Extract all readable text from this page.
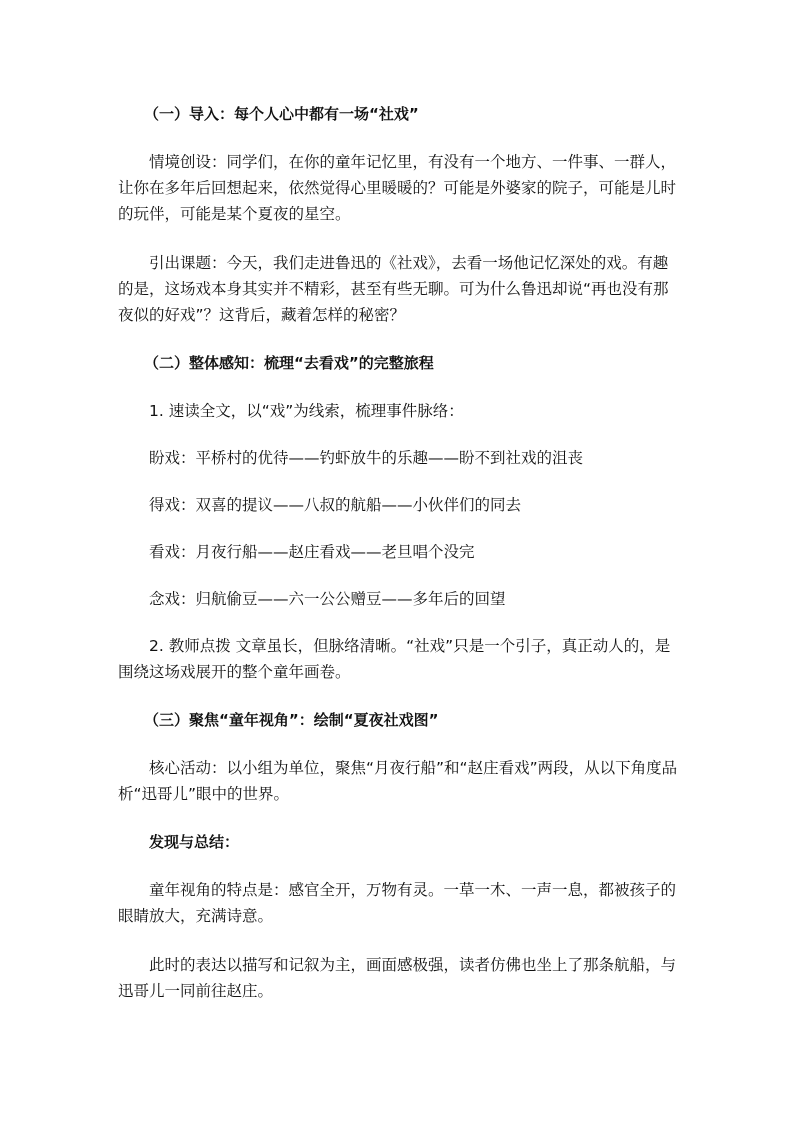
（一）导入：每个人心中都有一场“社戏”

情境创设：同学们，在你的童年记忆里，有没有一个地方、一件事、一群人，让你在多年后回想起来，依然觉得心里暖暖的？可能是外婆家的院子，可能是儿时的玩伴，可能是某个夏夜的星空。

引出课题：今天，我们走进鲁迅的《社戏》，去看一场他记忆深处的戏。有趣的是，这场戏本身其实并不精彩，甚至有些无聊。可为什么鲁迅却说“再也没有那夜似的好戏”？这背后，藏着怎样的秘密？

（二）整体感知：梳理“去看戏”的完整旅程

1. 速读全文，以“戏”为线索，梳理事件脉络：

盼戏：平桥村的优待——钓虾放牛的乐趣——盼不到社戏的沮丧

得戏：双喜的提议——八叔的航船——小伙伴们的同去

看戏：月夜行船——赵庄看戏——老旦唱个没完

念戏：归航偷豆——六一公公赠豆——多年后的回望

2. 教师点拨 文章虽长，但脉络清晰。“社戏”只是一个引子，真正动人的，是围绕这场戏展开的整个童年画卷。

（三）聚焦“童年视角”：绘制“夏夜社戏图”

核心活动：以小组为单位，聚焦“月夜行船”和“赵庄看戏”两段，从以下角度品析“迅哥儿”眼中的世界。

发现与总结：

童年视角的特点是：感官全开，万物有灵。一草一木、一声一息，都被孩子的眼睛放大，充满诗意。

此时的表达以描写和记叙为主，画面感极强，读者仿佛也坐上了那条航船，与迅哥儿一同前往赵庄。
